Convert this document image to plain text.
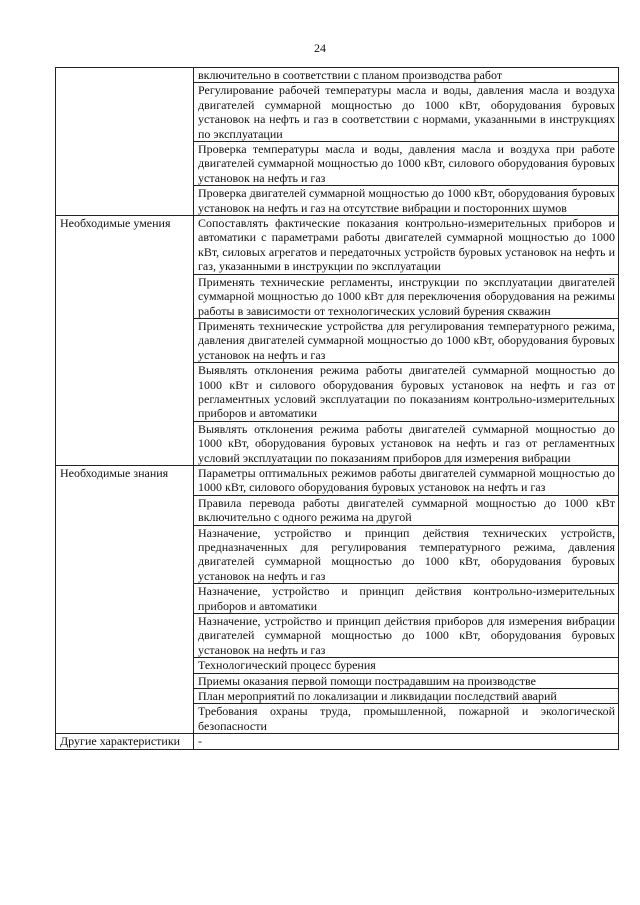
24
	включительно в соответствии с планом производства работ
	Регулирование рабочей температуры масла и воды, давления масла и воздуха двигателей суммарной мощностью до 1000 кВт, оборудования буровых установок на нефть и газ в соответствии с нормами, указанными в инструкциях по эксплуатации
	Проверка температуры масла и воды, давления масла и воздуха при работе двигателей суммарной мощностью до 1000 кВт, силового оборудования буровых установок на нефть и газ
	Проверка двигателей суммарной мощностью до 1000 кВт, оборудования буровых установок на нефть и газ на отсутствие вибрации и посторонних шумов
Необходимые умения	Сопоставлять фактические показания контрольно-измерительных приборов и автоматики с параметрами работы двигателей суммарной мощностью до 1000 кВт, силовых агрегатов и передаточных устройств буровых установок на нефть и газ, указанными в инструкции по эксплуатации
	Применять технические регламенты, инструкции по эксплуатации двигателей суммарной мощностью до 1000 кВт для переключения оборудования на режимы работы в зависимости от технологических условий бурения скважин
	Применять технические устройства для регулирования температурного режима, давления двигателей суммарной мощностью до 1000 кВт, оборудования буровых установок на нефть и газ
	Выявлять отклонения режима работы двигателей суммарной мощностью до 1000 кВт и силового оборудования буровых установок на нефть и газ от регламентных условий эксплуатации по показаниям контрольно-измерительных приборов и автоматики
	Выявлять отклонения режима работы двигателей суммарной мощностью до 1000 кВт, оборудования буровых установок на нефть и газ от регламентных условий эксплуатации по показаниям приборов для измерения вибрации
Необходимые знания	Параметры оптимальных режимов работы двигателей суммарной мощностью до 1000 кВт, силового оборудования буровых установок на нефть и газ
	Правила перевода работы двигателей суммарной мощностью до 1000 кВт включительно с одного режима на другой
	Назначение, устройство и принцип действия технических устройств, предназначенных для регулирования температурного режима, давления двигателей суммарной мощностью до 1000 кВт, оборудования буровых установок на нефть и газ
	Назначение, устройство и принцип действия контрольно-измерительных приборов и автоматики
	Назначение, устройство и принцип действия приборов для измерения вибрации двигателей суммарной мощностью до 1000 кВт, оборудования буровых установок на нефть и газ
	Технологический процесс бурения
	Приемы оказания первой помощи пострадавшим на производстве
	План мероприятий по локализации и ликвидации последствий аварий
	Требования охраны труда, промышленной, пожарной и экологической безопасности
Другие характеристики	-
